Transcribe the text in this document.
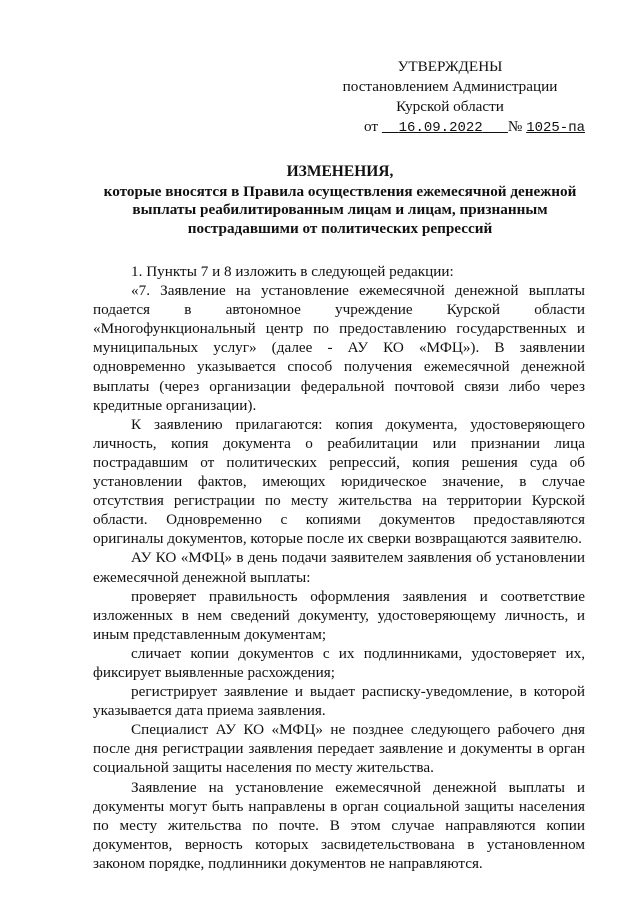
УТВЕРЖДЕНЫ
постановлением Администрации
Курской области
от 16.09.2022 № 1025-па
ИЗМЕНЕНИЯ,
которые вносятся в Правила осуществления ежемесячной денежной выплаты реабилитированным лицам и лицам, признанным пострадавшими от политических репрессий

1. Пункты 7 и 8 изложить в следующей редакции:

«7. Заявление на установление ежемесячной денежной выплаты подается в автономное учреждение Курской области «Многофункциональный центр по предоставлению государственных и муниципальных услуг» (далее - АУ КО «МФЦ»). В заявлении одновременно указывается способ получения ежемесячной денежной выплаты (через организации федеральной почтовой связи либо через кредитные организации).

К заявлению прилагаются: копия документа, удостоверяющего личность, копия документа о реабилитации или признании лица пострадавшим от политических репрессий, копия решения суда об установлении фактов, имеющих юридическое значение, в случае отсутствия регистрации по месту жительства на территории Курской области. Одновременно с копиями документов предоставляются оригиналы документов, которые после их сверки возвращаются заявителю.

АУ КО «МФЦ» в день подачи заявителем заявления об установлении ежемесячной денежной выплаты:

проверяет правильность оформления заявления и соответствие изложенных в нем сведений документу, удостоверяющему личность, и иным представленным документам;

сличает копии документов с их подлинниками, удостоверяет их, фиксирует выявленные расхождения;

регистрирует заявление и выдает расписку-уведомление, в которой указывается дата приема заявления.

Специалист АУ КО «МФЦ» не позднее следующего рабочего дня после дня регистрации заявления передает заявление и документы в орган социальной защиты населения по месту жительства.

Заявление на установление ежемесячной денежной выплаты и документы могут быть направлены в орган социальной защиты населения по месту жительства по почте. В этом случае направляются копии документов, верность которых засвидетельствована в установленном законом порядке, подлинники документов не направляются.
